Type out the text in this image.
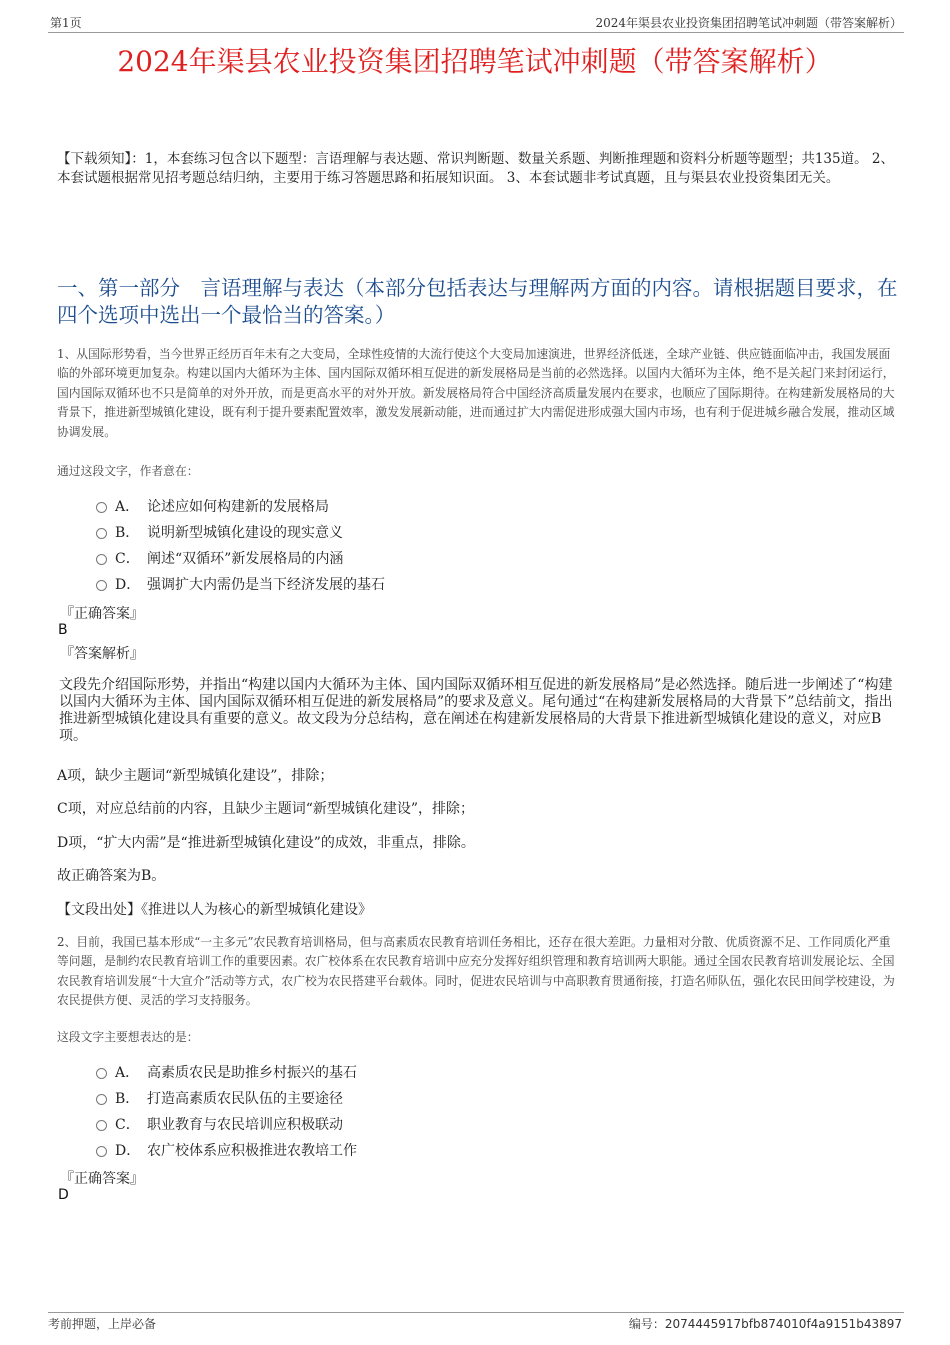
第1页	2024年渠县农业投资集团招聘笔试冲刺题（带答案解析）
2024年渠县农业投资集团招聘笔试冲刺题（带答案解析）
【下载须知】：1，本套练习包含以下题型：言语理解与表达题、常识判断题、数量关系题、判断推理题和资料分析题等题型；共135道。 2、本套试题根据常见招考题总结归纳，主要用于练习答题思路和拓展知识面。 3、本套试题非考试真题，且与渠县农业投资集团无关。
一、第一部分　言语理解与表达（本部分包括表达与理解两方面的内容。请根据题目要求，在四个选项中选出一个最恰当的答案。）
1、从国际形势看，当今世界正经历百年未有之大变局，全球性疫情的大流行使这个大变局加速演进，世界经济低迷，全球产业链、供应链面临冲击，我国发展面临的外部环境更加复杂。构建以国内大循环为主体、国内国际双循环相互促进的新发展格局是当前的必然选择。以国内大循环为主体，绝不是关起门来封闭运行，国内国际双循环也不只是简单的对外开放，而是更高水平的对外开放。新发展格局符合中国经济高质量发展内在要求，也顺应了国际期待。在构建新发展格局的大背景下，推进新型城镇化建设，既有利于提升要素配置效率，激发发展新动能，进而通过扩大内需促进形成强大国内市场，也有利于促进城乡融合发展，推动区域协调发展。
通过这段文字，作者意在：
A． 论述应如何构建新的发展格局
B． 说明新型城镇化建设的现实意义
C． 阐述“双循环”新发展格局的内涵
D． 强调扩大内需仍是当下经济发展的基石
『正确答案』
B
『答案解析』
文段先介绍国际形势，并指出“构建以国内大循环为主体、国内国际双循环相互促进的新发展格局”是必然选择。随后进一步阐述了“构建以国内大循环为主体、国内国际双循环相互促进的新发展格局”的要求及意义。尾句通过“在构建新发展格局的大背景下”总结前文，指出推进新型城镇化建设具有重要的意义。故文段为分总结构，意在阐述在构建新发展格局的大背景下推进新型城镇化建设的意义，对应B项。
A项，缺少主题词“新型城镇化建设”，排除；
C项，对应总结前的内容，且缺少主题词“新型城镇化建设”，排除；
D项，“扩大内需”是“推进新型城镇化建设”的成效，非重点，排除。
故正确答案为B。
【文段出处】《推进以人为核心的新型城镇化建设》
2、目前，我国已基本形成“一主多元”农民教育培训格局，但与高素质农民教育培训任务相比，还存在很大差距。力量相对分散、优质资源不足、工作同质化严重等问题，是制约农民教育培训工作的重要因素。农广校体系在农民教育培训中应充分发挥好组织管理和教育培训两大职能。通过全国农民教育培训发展论坛、全国农民教育培训发展“十大宣介”活动等方式，农广校为农民搭建平台载体。同时，促进农民培训与中高职教育贯通衔接，打造名师队伍，强化农民田间学校建设，为农民提供方便、灵活的学习支持服务。
这段文字主要想表达的是：
A． 高素质农民是助推乡村振兴的基石
B． 打造高素质农民队伍的主要途径
C． 职业教育与农民培训应积极联动
D． 农广校体系应积极推进农教培工作
『正确答案』
D
考前押题，上岸必备	编号：2074445917bfb874010f4a9151b43897
